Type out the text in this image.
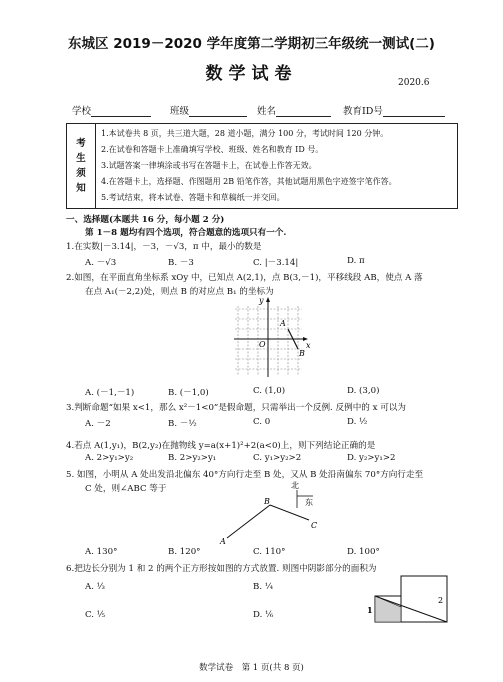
东城区 2019－2020 学年度第二学期初三年级统一测试(二)
数学试卷	2020.6
学校	班级	姓名	教育ID号
考
生
须
知
1.本试卷共 8 页，共三道大题，28 道小题，满分 100 分，考试时间 120 分钟。
2.在试卷和答题卡上准确填写学校、班级、姓名和教育 ID 号。
3.试题答案一律填涂或书写在答题卡上，在试卷上作答无效。
4.在答题卡上，选择题、作图题用 2B 铅笔作答，其他试题用黑色字迹签字笔作答。
5.考试结束，将本试卷、答题卡和草稿纸一并交回。
一、选择题(本题共 16 分，每小题 2 分)
第 1－8 题均有四个选项，符合题意的选项只有一个.
1.在实数|－3.14|，－3，－√3，π 中，最小的数是
A. －√3	B. －3	C. |－3.14|	D. π
2.如图，在平面直角坐标系 xOy 中，已知点 A(2,1)，点 B(3,－1)，平移线段 AB，使点 A 落
在点 A₁(－2,2)处，则点 B 的对应点 B₁ 的坐标为
y
x
O
A
B
A. (－1,－1)	B. (－1,0)	C. (1,0)	D. (3,0)
3.判断命题“如果 x<1，那么 x²－1<0”是假命题，只需举出一个反例. 反例中的 x 可以为
A. －2	B. －½	C. 0	D. ½
4.若点 A(1,y₁)，B(2,y₂)在抛物线 y=a(x+1)²+2(a<0)上，则下列结论正确的是
A. 2>y₁>y₂	B. 2>y₂>y₁	C. y₁>y₂>2	D. y₂>y₁>2
5. 如图，小明从 A 处出发沿北偏东 40°方向行走至 B 处，又从 B 处沿南偏东 70°方向行走至
C 处，则∠ABC 等于	北
东
A
B
C
A. 130°	B. 120°	C. 110°	D. 100°
6.把边长分别为 1 和 2 的两个正方形按如图的方式放置. 则图中阴影部分的面积为
A. ⅓	B. ¼
C. ⅕	D. ⅙	1
2
数学试卷　第 1 页(共 8 页)
